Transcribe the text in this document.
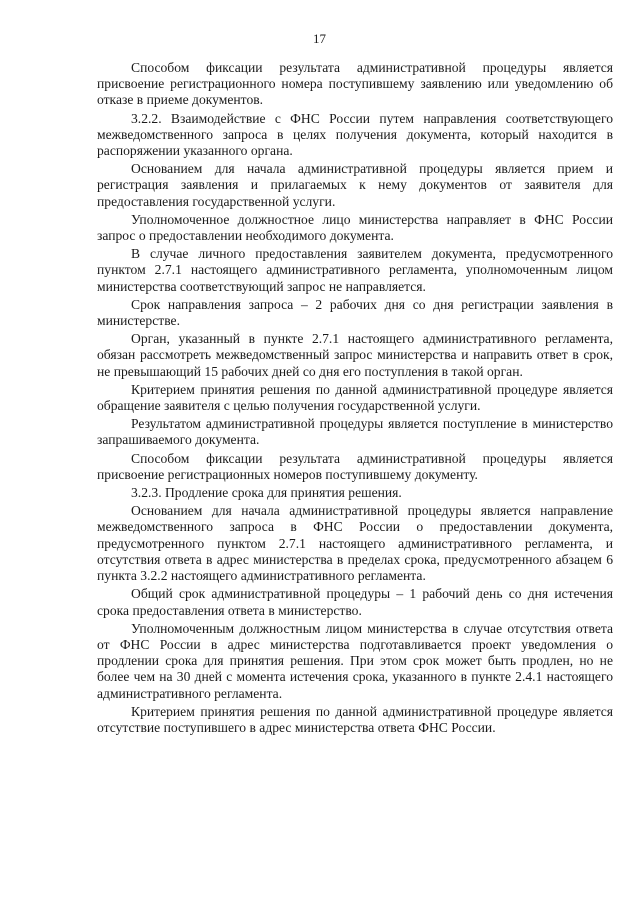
17

Способом фиксации результата административной процедуры является присвоение регистрационного номера поступившему заявлению или уведомлению об отказе в приеме документов.

3.2.2. Взаимодействие с ФНС России путем направления соответствующего межведомственного запроса в целях получения документа, который находится в распоряжении указанного органа.

Основанием для начала административной процедуры является прием и регистрация заявления и прилагаемых к нему документов от заявителя для предоставления государственной услуги.

Уполномоченное должностное лицо министерства направляет в ФНС России запрос о предоставлении необходимого документа.

В случае личного предоставления заявителем документа, предусмотренного пунктом 2.7.1 настоящего административного регламента, уполномоченным лицом министерства соответствующий запрос не направляется.

Срок направления запроса – 2 рабочих дня со дня регистрации заявления в министерстве.

Орган, указанный в пункте 2.7.1 настоящего административного регламента, обязан рассмотреть межведомственный запрос министерства и направить ответ в срок, не превышающий 15 рабочих дней со дня его поступления в такой орган.

Критерием принятия решения по данной административной процедуре является обращение заявителя с целью получения государственной услуги.

Результатом административной процедуры является поступление в министерство запрашиваемого документа.

Способом фиксации результата административной процедуры является присвоение регистрационных номеров поступившему документу.

3.2.3. Продление срока для принятия решения.

Основанием для начала административной процедуры является направление межведомственного запроса в ФНС России о предоставлении документа, предусмотренного пунктом 2.7.1 настоящего административного регламента, и отсутствия ответа в адрес министерства в пределах срока, предусмотренного абзацем 6 пункта 3.2.2 настоящего административного регламента.

Общий срок административной процедуры – 1 рабочий день со дня истечения срока предоставления ответа в министерство.

Уполномоченным должностным лицом министерства в случае отсутствия ответа от ФНС России в адрес министерства подготавливается проект уведомления о продлении срока для принятия решения. При этом срок может быть продлен, но не более чем на 30 дней с момента истечения срока, указанного в пункте 2.4.1 настоящего административного регламента.

Критерием принятия решения по данной административной процедуре является отсутствие поступившего в адрес министерства ответа ФНС России.
